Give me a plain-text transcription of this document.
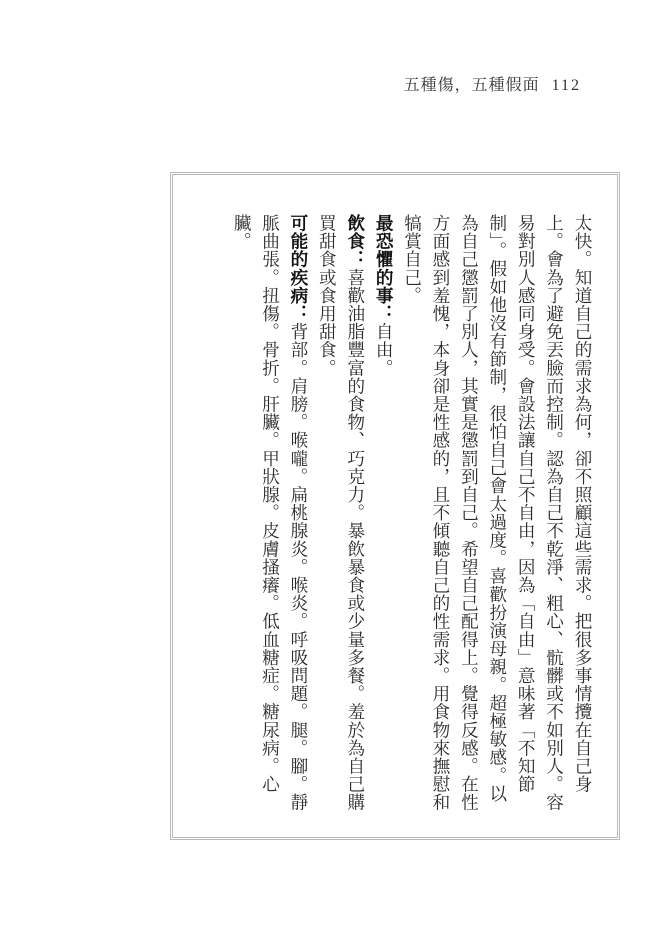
五種傷，五種假面 112

太快。知道自己的需求為何，卻不照顧這些需求。把很多事情攬在自己身上。會為了避免丟臉而控制。認為自己不乾淨、粗心、骯髒或不如別人。容易對別人感同身受。會設法讓自己不自由，因為「自由」意味著「不知節制」。假如他沒有節制，很怕自己會太過度。喜歡扮演母親。超極敏感。以為自己懲罰了別人，其實是懲罰到自己。希望自己配得上。覺得反感。在性方面感到羞愧，本身卻是性感的，且不傾聽自己的性需求。用食物來撫慰和犒賞自己。

最恐懼的事：自由。

飲食：喜歡油脂豐富的食物、巧克力。暴飲暴食或少量多餐。羞於為自己購買甜食或食用甜食。

可能的疾病：背部。肩膀。喉嚨。扁桃腺炎。喉炎。呼吸問題。腿。腳。靜脈曲張。扭傷。骨折。肝臟。甲狀腺。皮膚搔癢。低血糖症。糖尿病。心臟。
